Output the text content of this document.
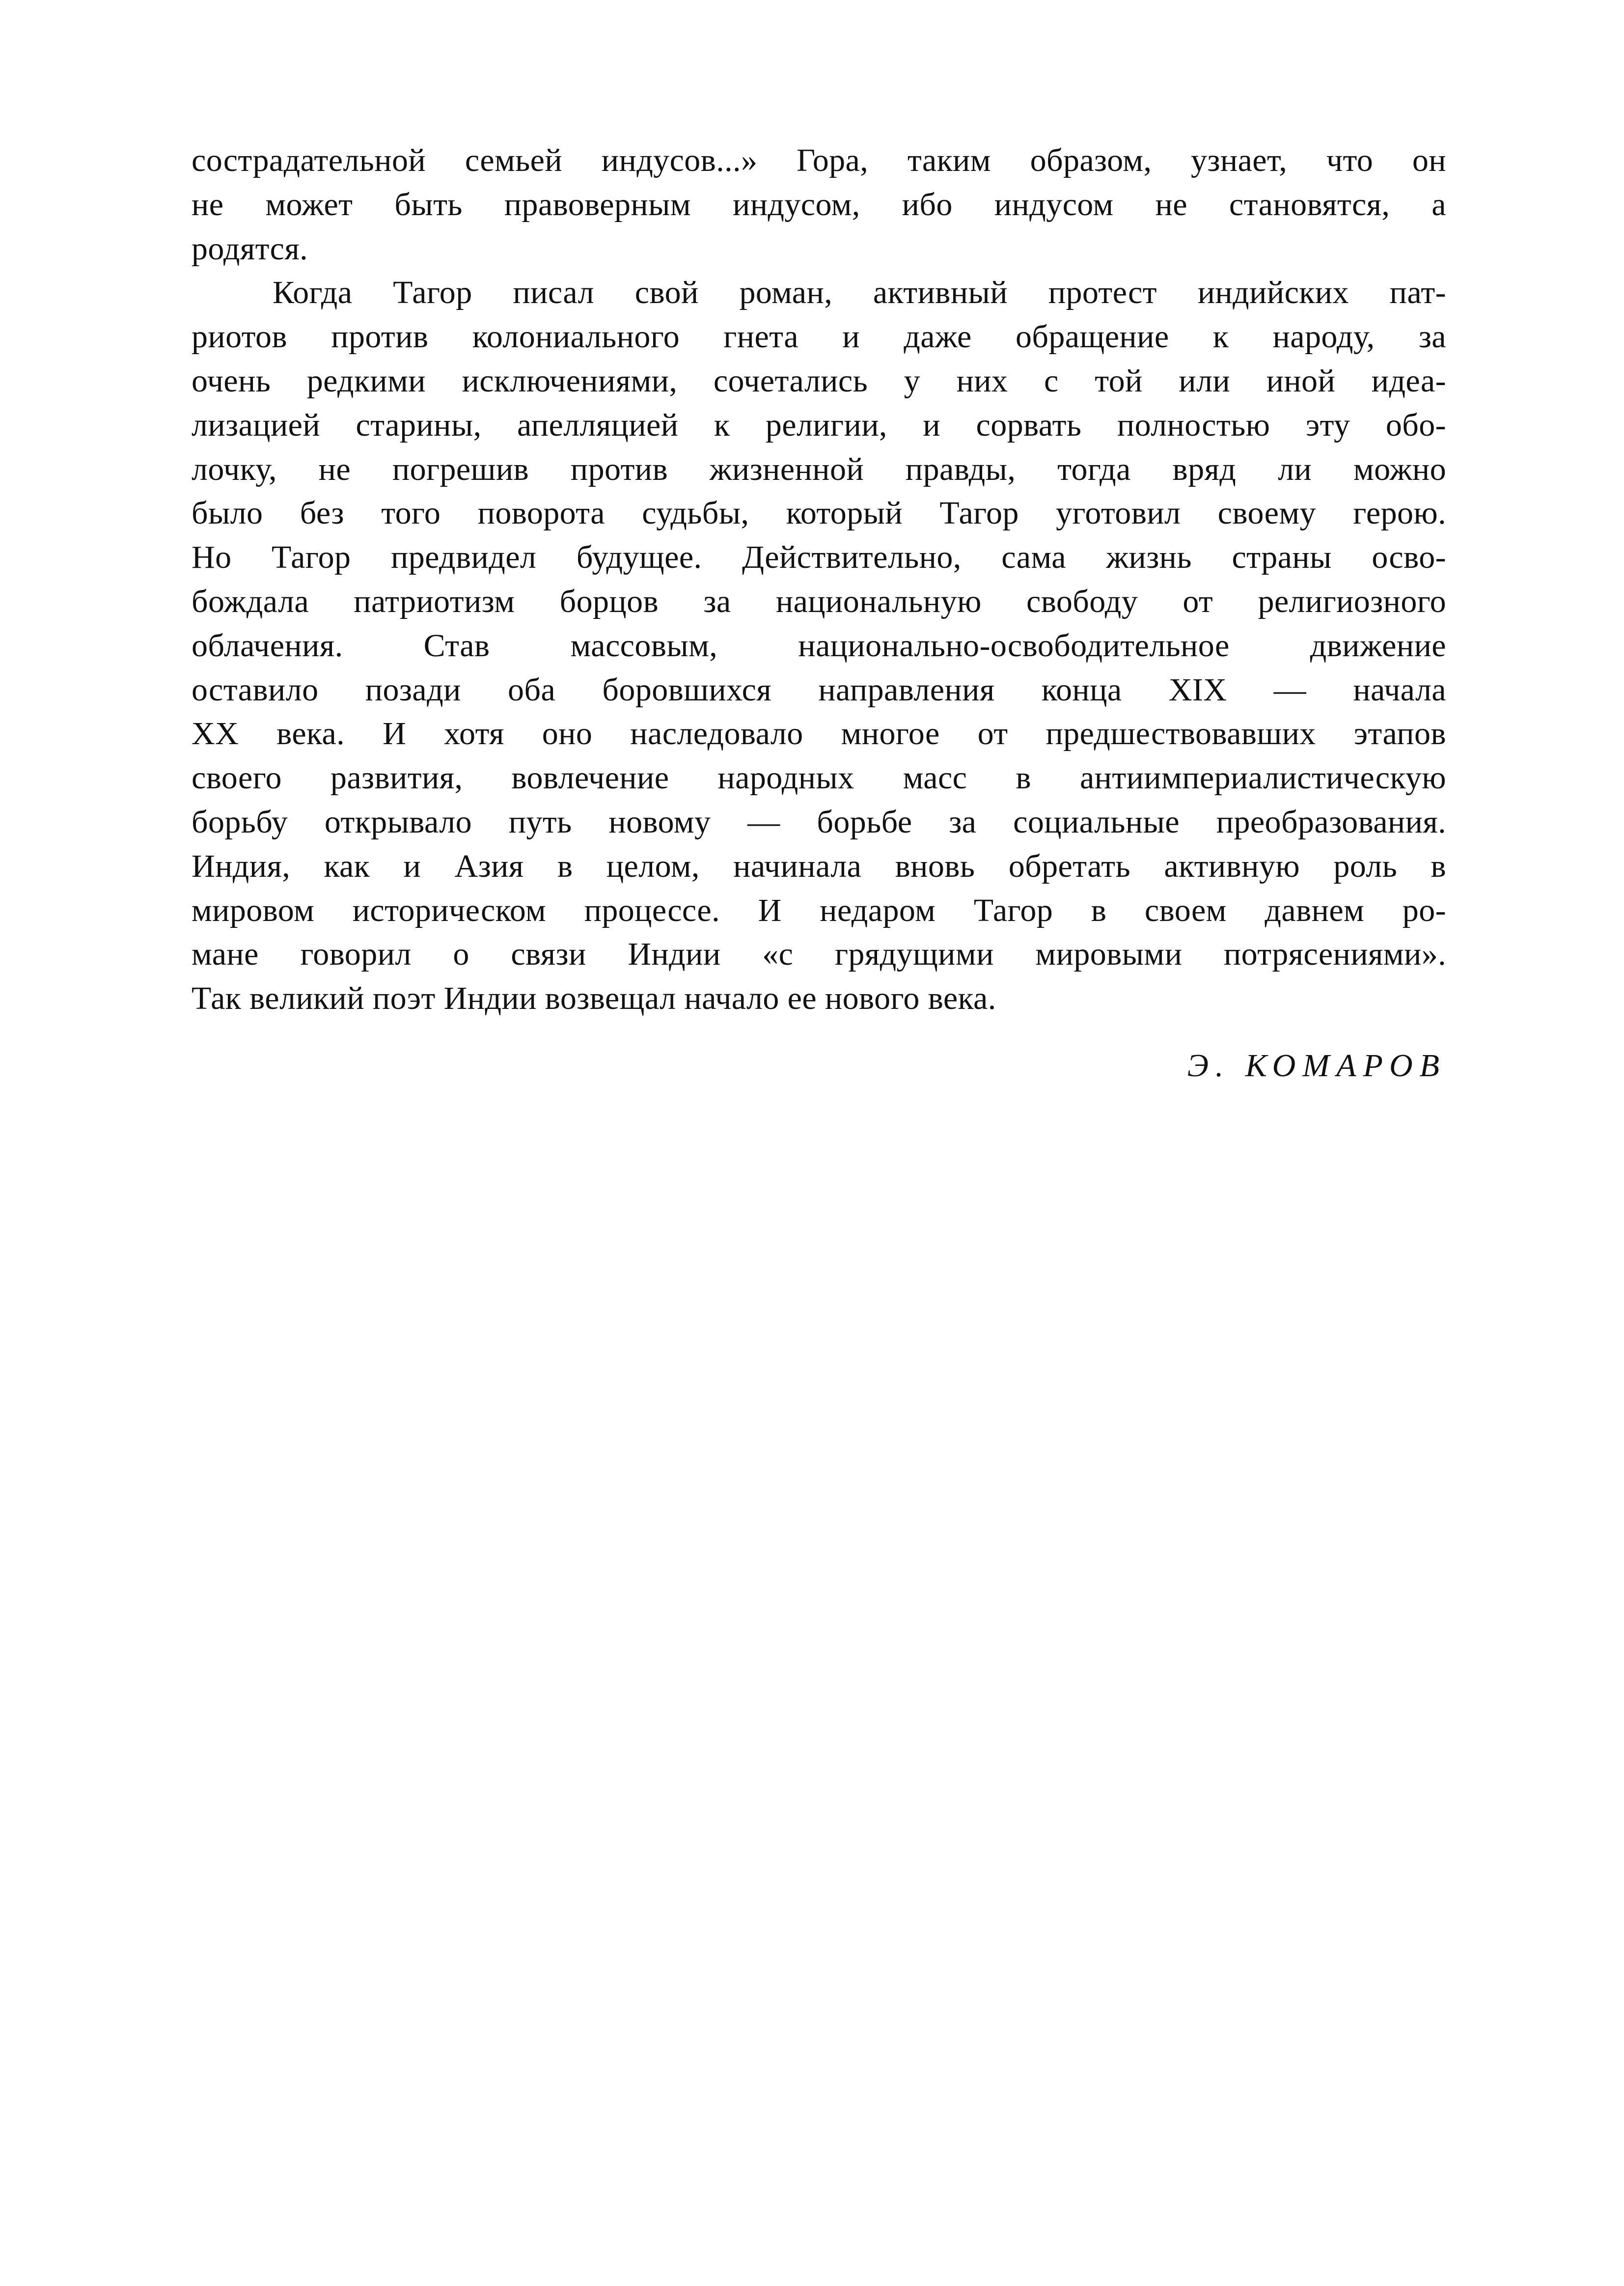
сострадательной семьей индусов...» Гора, таким образом, узнает, что он
не может быть правоверным индусом, ибо индусом не становятся, а
родятся.
Когда Тагор писал свой роман, активный протест индийских пат-
риотов против колониального гнета и даже обращение к народу, за
очень редкими исключениями, сочетались у них с той или иной идеа-
лизацией старины, апелляцией к религии, и сорвать полностью эту обо-
лочку, не погрешив против жизненной правды, тогда вряд ли можно
было без того поворота судьбы, который Тагор уготовил своему герою.
Но Тагор предвидел будущее. Действительно, сама жизнь страны осво-
бождала патриотизм борцов за национальную свободу от религиозного
облачения. Став массовым, национально-освободительное движение
оставило позади оба боровшихся направления конца XIX — начала
XX века. И хотя оно наследовало многое от предшествовавших этапов
своего развития, вовлечение народных масс в антиимпериалистическую
борьбу открывало путь новому — борьбе за социальные преобразования.
Индия, как и Азия в целом, начинала вновь обретать активную роль в
мировом историческом процессе. И недаром Тагор в своем давнем ро-
мане говорил о связи Индии «с грядущими мировыми потрясениями».
Так великий поэт Индии возвещал начало ее нового века.
Э. КОМАРОВ
